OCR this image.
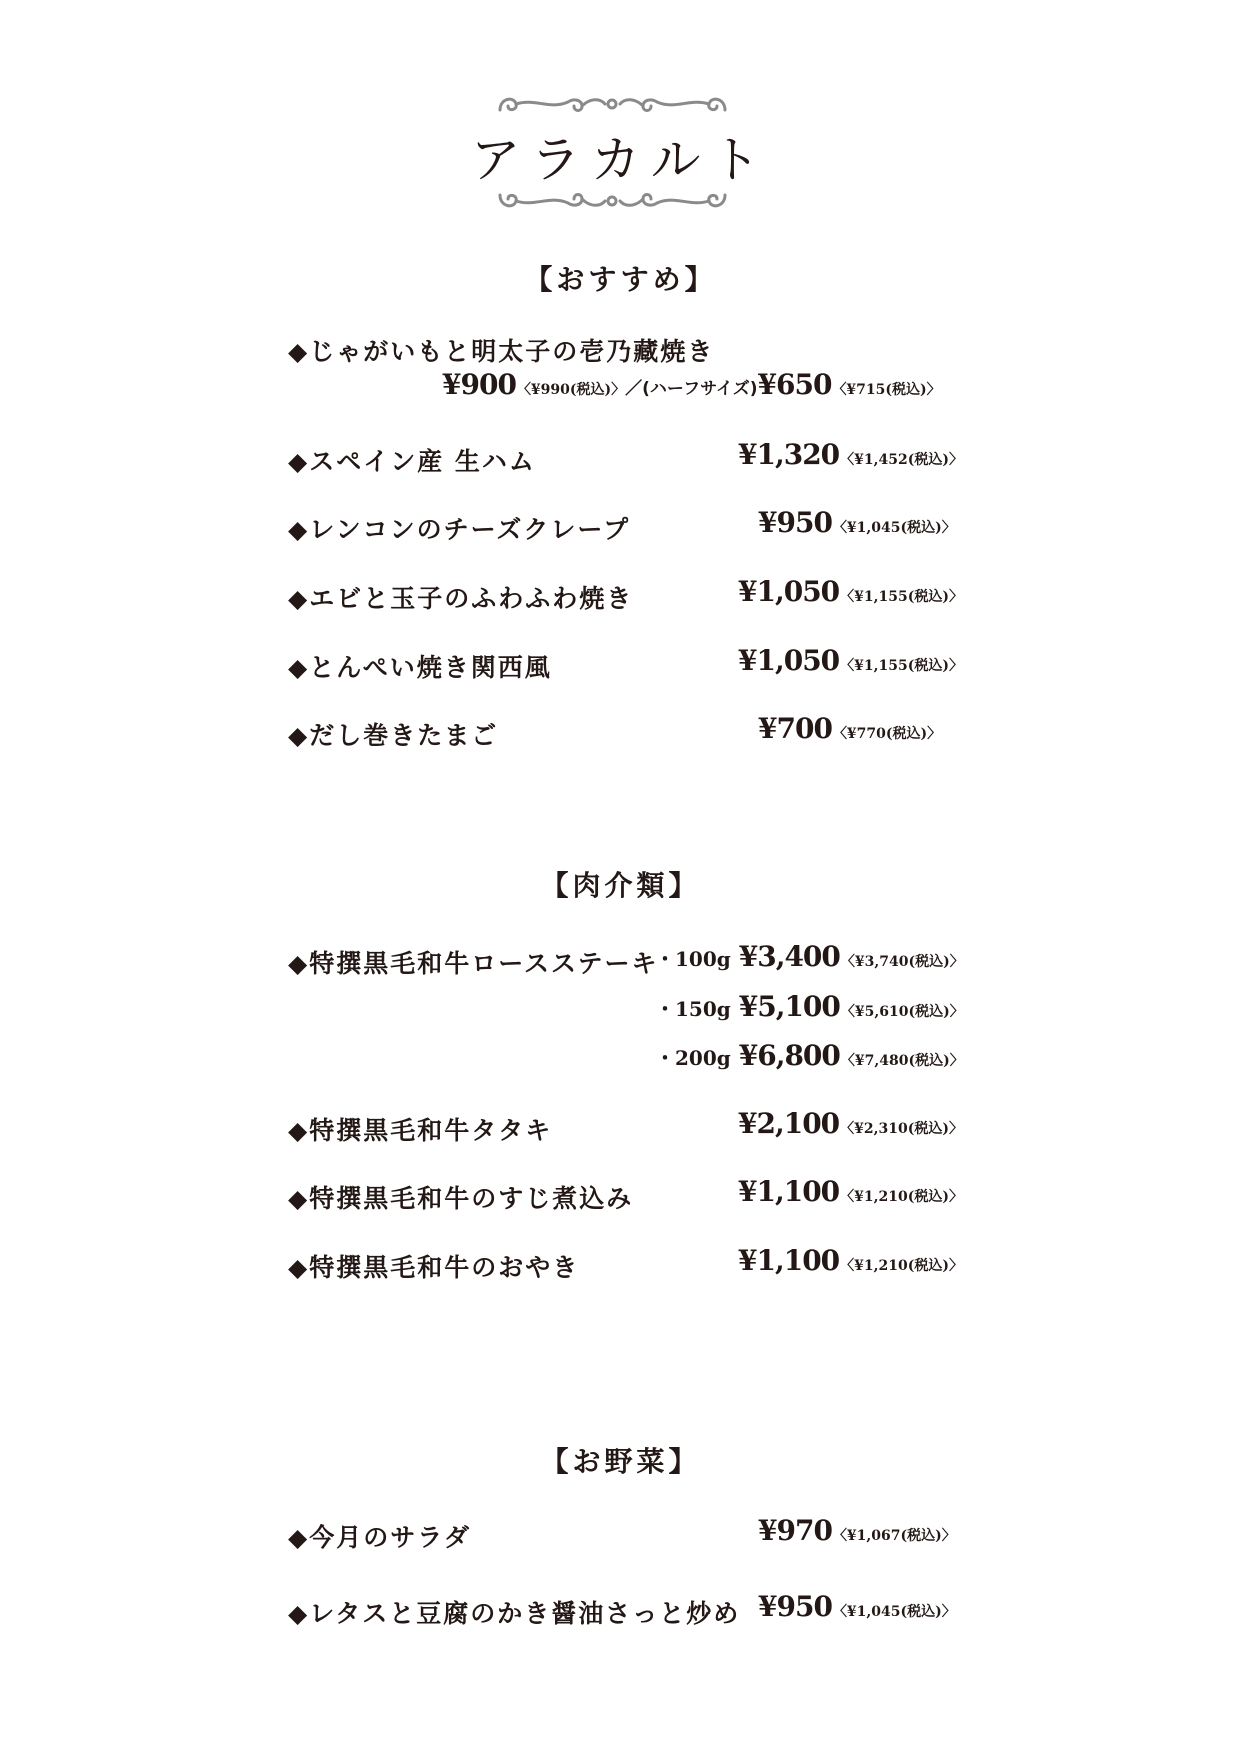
アラカルト
【おすすめ】
◆じゃがいもと明太子の壱乃藏焼き
¥900〈¥990(税込)〉／(ハーフサイズ)¥650〈¥715(税込)〉
◆スペイン産 生ハム	¥1,320〈¥1,452(税込)〉
◆レンコンのチーズクレープ	¥950〈¥1,045(税込)〉
◆エビと玉子のふわふわ焼き	¥1,050〈¥1,155(税込)〉
◆とんぺい焼き関西風	¥1,050〈¥1,155(税込)〉
◆だし巻きたまご	¥700〈¥770(税込)〉
【肉介類】
◆特撰黒毛和牛ロースステーキ
・100g ¥3,400〈¥3,740(税込)〉
・150g ¥5,100〈¥5,610(税込)〉
・200g ¥6,800〈¥7,480(税込)〉
◆特撰黒毛和牛タタキ	¥2,100〈¥2,310(税込)〉
◆特撰黒毛和牛のすじ煮込み	¥1,100〈¥1,210(税込)〉
◆特撰黒毛和牛のおやき	¥1,100〈¥1,210(税込)〉
【お野菜】
◆今月のサラダ	¥970〈¥1,067(税込)〉
◆レタスと豆腐のかき醤油さっと炒め ¥950〈¥1,045(税込)〉
